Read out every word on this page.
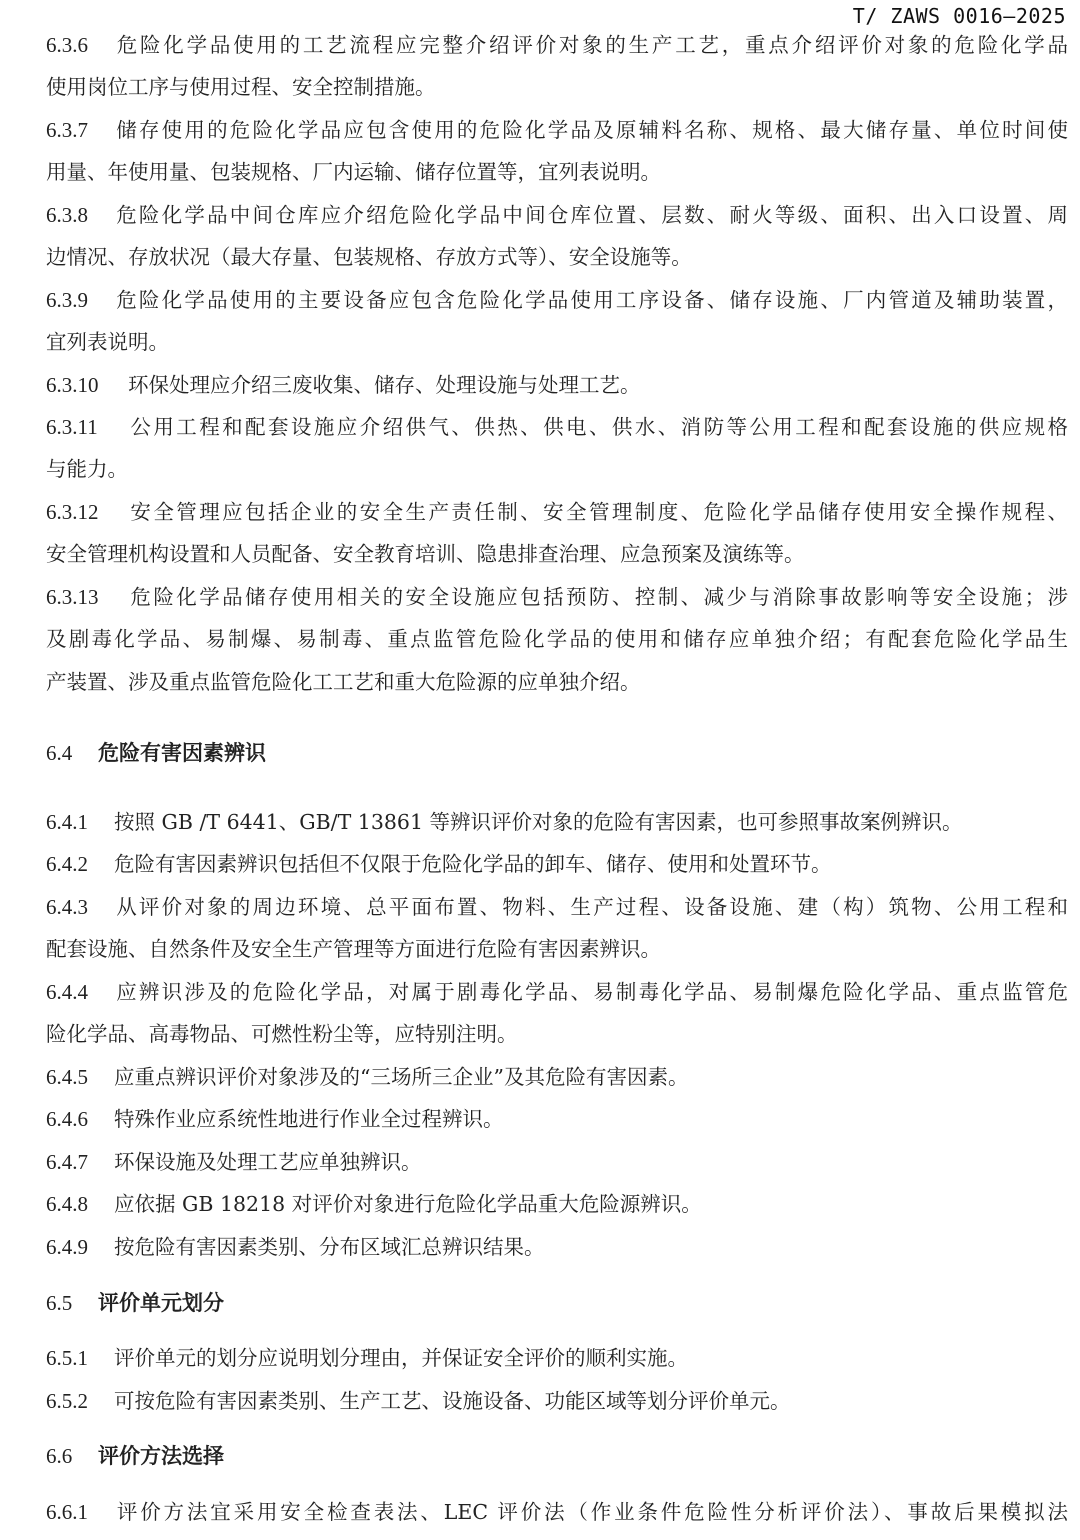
T/ ZAWS 0016—2025
6.3.6 危险化学品使用的工艺流程应完整介绍评价对象的生产工艺，重点介绍评价对象的危险化学品
使用岗位工序与使用过程、安全控制措施。
6.3.7 储存使用的危险化学品应包含使用的危险化学品及原辅料名称、规格、最大储存量、单位时间使
用量、年使用量、包装规格、厂内运输、储存位置等，宜列表说明。
6.3.8 危险化学品中间仓库应介绍危险化学品中间仓库位置、层数、耐火等级、面积、出入口设置、周
边情况、存放状况（最大存量、包装规格、存放方式等）、安全设施等。
6.3.9 危险化学品使用的主要设备应包含危险化学品使用工序设备、储存设施、厂内管道及辅助装置，
宜列表说明。
6.3.10 环保处理应介绍三废收集、储存、处理设施与处理工艺。
6.3.11 公用工程和配套设施应介绍供气、供热、供电、供水、消防等公用工程和配套设施的供应规格
与能力。
6.3.12 安全管理应包括企业的安全生产责任制、安全管理制度、危险化学品储存使用安全操作规程、
安全管理机构设置和人员配备、安全教育培训、隐患排查治理、应急预案及演练等。
6.3.13 危险化学品储存使用相关的安全设施应包括预防、控制、减少与消除事故影响等安全设施；涉
及剧毒化学品、易制爆、易制毒、重点监管危险化学品的使用和储存应单独介绍；有配套危险化学品生
产装置、涉及重点监管危险化工工艺和重大危险源的应单独介绍。
6.4 危险有害因素辨识
6.4.1 按照 GB /T 6441、GB/T 13861 等辨识评价对象的危险有害因素，也可参照事故案例辨识。
6.4.2 危险有害因素辨识包括但不仅限于危险化学品的卸车、储存、使用和处置环节。
6.4.3 从评价对象的周边环境、总平面布置、物料、生产过程、设备设施、建（构）筑物、公用工程和
配套设施、自然条件及安全生产管理等方面进行危险有害因素辨识。
6.4.4 应辨识涉及的危险化学品，对属于剧毒化学品、易制毒化学品、易制爆危险化学品、重点监管危
险化学品、高毒物品、可燃性粉尘等，应特别注明。
6.4.5 应重点辨识评价对象涉及的“三场所三企业”及其危险有害因素。
6.4.6 特殊作业应系统性地进行作业全过程辨识。
6.4.7 环保设施及处理工艺应单独辨识。
6.4.8 应依据 GB 18218 对评价对象进行危险化学品重大危险源辨识。
6.4.9 按危险有害因素类别、分布区域汇总辨识结果。
6.5 评价单元划分
6.5.1 评价单元的划分应说明划分理由，并保证安全评价的顺利实施。
6.5.2 可按危险有害因素类别、生产工艺、设施设备、功能区域等划分评价单元。
6.6 评价方法选择
6.6.1 评价方法宜采用安全检查表法、LEC 评价法（作业条件危险性分析评价法）、事故后果模拟法
